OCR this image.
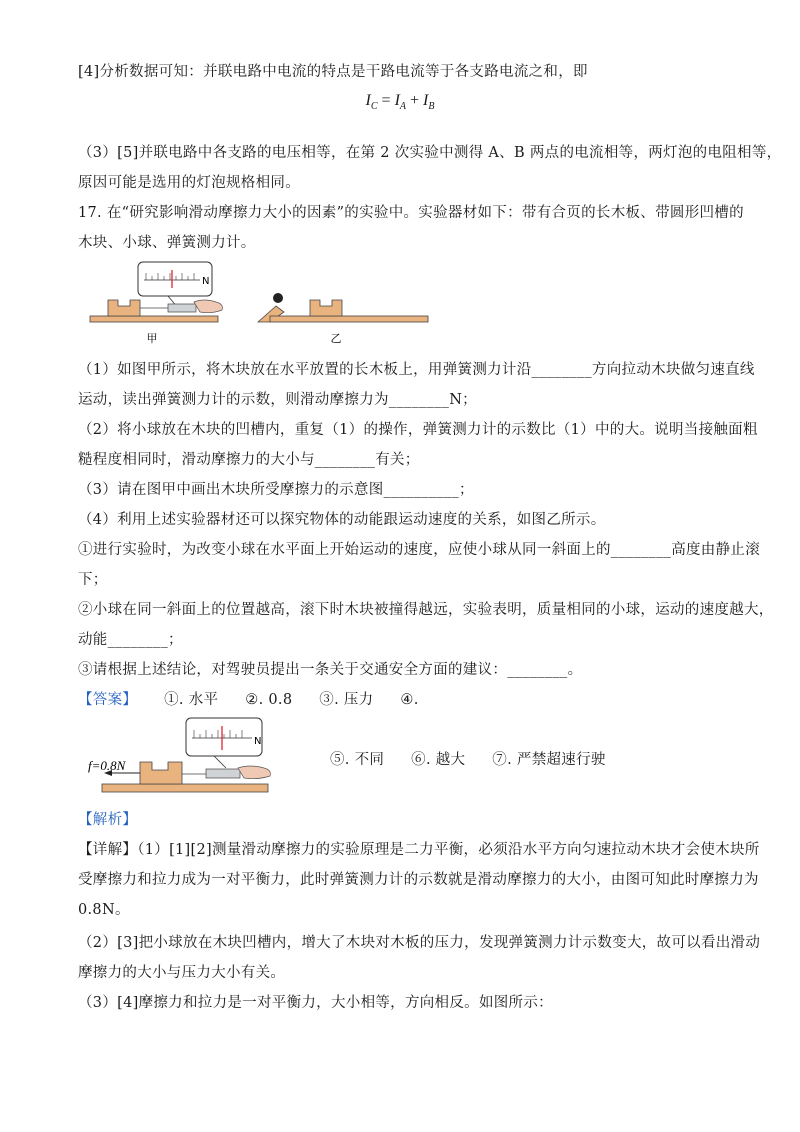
[4]分析数据可知：并联电路中电流的特点是干路电流等于各支路电流之和，即
$I_C = I_A + I_B$
（3）[5]并联电路中各支路的电压相等，在第 2 次实验中测得 A、B 两点的电流相等，两灯泡的电阻相等，
原因可能是选用的灯泡规格相同。
17. 在“研究影响滑动摩擦力大小的因素”的实验中。实验器材如下：带有合页的长木板、带圆形凹槽的
木块、小球、弹簧测力计。
N
甲	乙
（1）如图甲所示，将木块放在水平放置的长木板上，用弹簧测力计沿________方向拉动木块做匀速直线
运动，读出弹簧测力计的示数，则滑动摩擦力为________N；
（2）将小球放在木块的凹槽内，重复（1）的操作，弹簧测力计的示数比（1）中的大。说明当接触面粗
糙程度相同时，滑动摩擦力的大小与________有关；
（3）请在图甲中画出木块所受摩擦力的示意图__________；
（4）利用上述实验器材还可以探究物体的动能跟运动速度的关系，如图乙所示。
①进行实验时，为改变小球在水平面上开始运动的速度，应使小球从同一斜面上的________高度由静止滚
下；
②小球在同一斜面上的位置越高，滚下时木块被撞得越远，实验表明，质量相同的小球，运动的速度越大，
动能________；
③请根据上述结论，对驾驶员提出一条关于交通安全方面的建议：________。
【答案】 ①. 水平 ②. 0.8 ③. 压力 ④.
N
f=0.8N	⑤. 不同 ⑥. 越大 ⑦. 严禁超速行驶
【解析】
【详解】（1）[1][2]测量滑动摩擦力的实验原理是二力平衡，必须沿水平方向匀速拉动木块才会使木块所
受摩擦力和拉力成为一对平衡力，此时弹簧测力计的示数就是滑动摩擦力的大小，由图可知此时摩擦力为
0.8N。
（2）[3]把小球放在木块凹槽内，增大了木块对木板的压力，发现弹簧测力计示数变大，故可以看出滑动
摩擦力的大小与压力大小有关。
（3）[4]摩擦力和拉力是一对平衡力，大小相等，方向相反。如图所示：
